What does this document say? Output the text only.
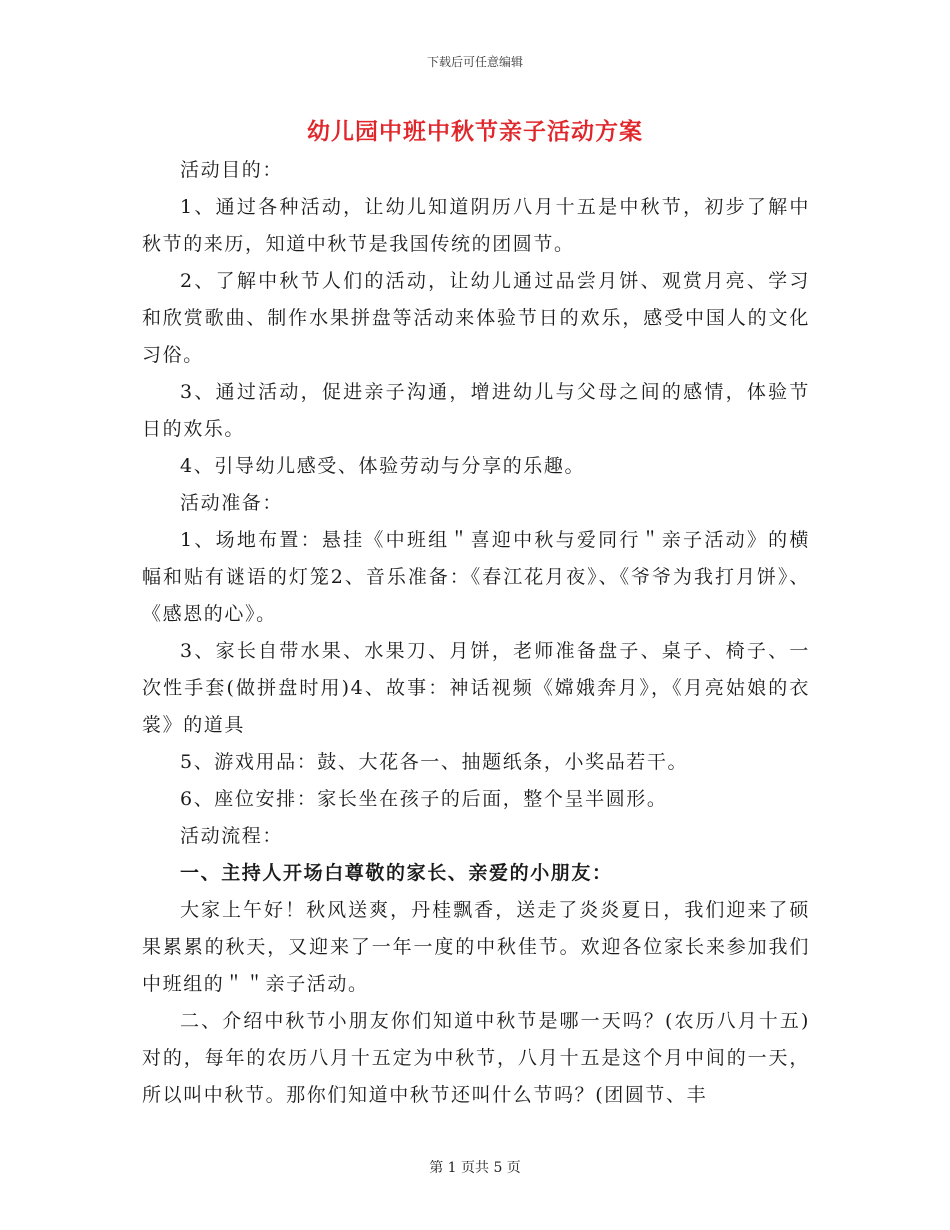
下载后可任意编辑
幼儿园中班中秋节亲子活动方案

活动目的：

1、通过各种活动，让幼儿知道阴历八月十五是中秋节，初步了解中秋节的来历，知道中秋节是我国传统的团圆节。

2、了解中秋节人们的活动，让幼儿通过品尝月饼、观赏月亮、学习和欣赏歌曲、制作水果拼盘等活动来体验节日的欢乐，感受中国人的文化习俗。

3、通过活动，促进亲子沟通，增进幼儿与父母之间的感情，体验节日的欢乐。

4、引导幼儿感受、体验劳动与分享的乐趣。

活动准备：

1、场地布置：悬挂《中班组＂喜迎中秋与爱同行＂亲子活动》的横幅和贴有谜语的灯笼2、音乐准备：《春江花月夜》、《爷爷为我打月饼》、《感恩的心》。

3、家长自带水果、水果刀、月饼，老师准备盘子、桌子、椅子、一次性手套(做拼盘时用)4、故事：神话视频《嫦娥奔月》，《月亮姑娘的衣裳》的道具

5、游戏用品：鼓、大花各一、抽题纸条，小奖品若干。

6、座位安排：家长坐在孩子的后面，整个呈半圆形。

活动流程：

一、主持人开场白尊敬的家长、亲爱的小朋友：

大家上午好！秋风送爽，丹桂飘香，送走了炎炎夏日，我们迎来了硕果累累的秋天，又迎来了一年一度的中秋佳节。欢迎各位家长来参加我们中班组的＂＂亲子活动。

二、介绍中秋节小朋友你们知道中秋节是哪一天吗？(农历八月十五)对的，每年的农历八月十五定为中秋节，八月十五是这个月中间的一天，所以叫中秋节。那你们知道中秋节还叫什么节吗？(团圆节、丰

第 1 页共 5 页
